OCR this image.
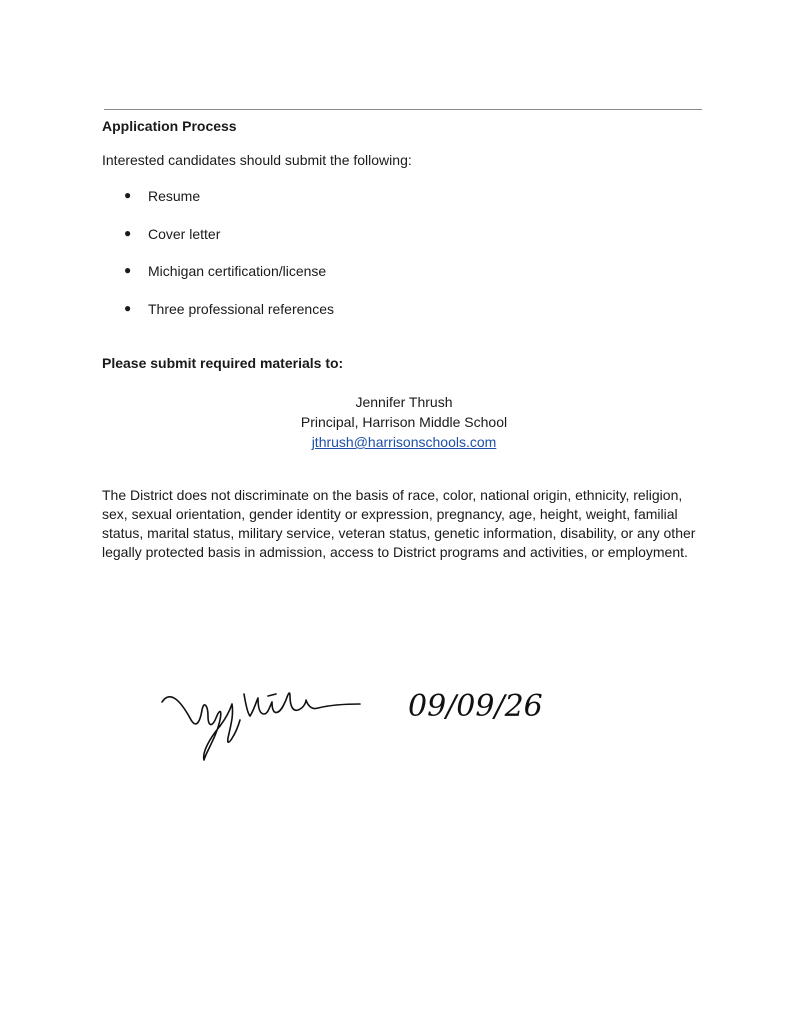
Application Process
Interested candidates should submit the following:
●	Resume
●	Cover letter
●	Michigan certification/license
●	Three professional references
Please submit required materials to:
Jennifer Thrush
Principal, Harrison Middle School
jthrush@harrisonschools.com
The District does not discriminate on the basis of race, color, national origin, ethnicity, religion, sex, sexual orientation, gender identity or expression, pregnancy, age, height, weight, familial status, marital status, military service, veteran status, genetic information, disability, or any other legally protected basis in admission, access to District programs and activities, or employment.
09/09/26
